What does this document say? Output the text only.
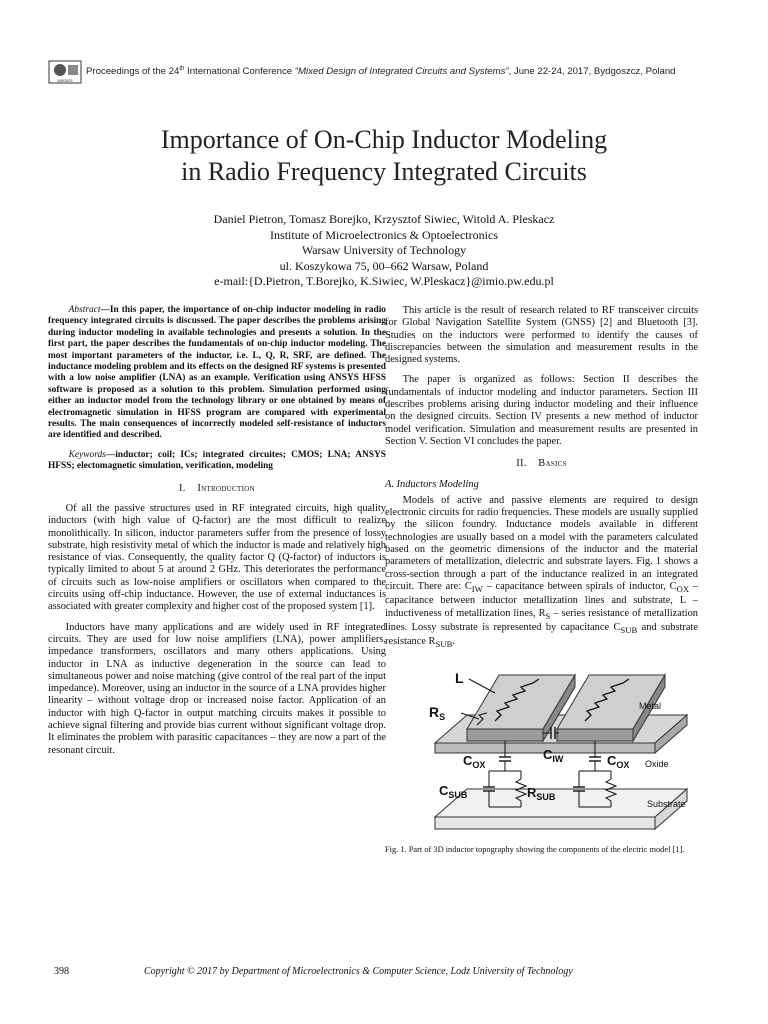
MIXDES
Proceedings of the 24th International Conference “Mixed Design of Integrated Circuits and Systems”, June 22-24, 2017, Bydgoszcz, Poland
Importance of On-Chip Inductor Modeling
in Radio Frequency Integrated Circuits
Daniel Pietron, Tomasz Borejko, Krzysztof Siwiec, Witold A. Pleskacz
Institute of Microelectronics & Optoelectronics
Warsaw University of Technology
ul. Koszykowa 75, 00–662 Warsaw, Poland
e-mail:{D.Pietron, T.Borejko, K.Siwiec, W.Pleskacz}@imio.pw.edu.pl

Abstract—In this paper, the importance of on-chip inductor modeling in radio frequency integrated circuits is discussed. The paper describes the problems arising during inductor modeling in available technologies and presents a solution. In the first part, the paper describes the fundamentals of on-chip inductor modeling. The most important parameters of the inductor, i.e. L, Q, R, SRF, are defined. The inductance modeling problem and its effects on the designed RF systems is presented with a low noise amplifier (LNA) as an example. Verification using ANSYS HFSS software is proposed as a solution to this problem. Simulation performed using either an inductor model from the technology library or one obtained by means of electromagnetic simulation in HFSS program are compared with experimental results. The main consequences of incorrectly modeled self-resistance of inductors are identified and described.

Keywords—inductor; coil; ICs; integrated circuites; CMOS; LNA; ANSYS HFSS; electomagnetic simulation, verification, modeling

I. Introduction

Of all the passive structures used in RF integrated circuits, high quality inductors (with high value of Q-factor) are the most difficult to realize monolithically. In silicon, inductor parameters suffer from the presence of lossy substrate, high resistivity metal of which the inductor is made and relatively high resistance of vias. Consequently, the quality factor Q (Q-factor) of inductors is typically limited to about 5 at around 2 GHz. This deteriorates the performance of circuits such as low-noise amplifiers or oscillators when compared to the circuits using off-chip inductance. However, the use of external inductances is associated with greater complexity and higher cost of the proposed system [1].

Inductors have many applications and are widely used in RF integrated circuits. They are used for low noise amplifiers (LNA), power amplifiers, impedance transformers, oscillators and many others applications. Using inductor in LNA as inductive degeneration in the source can lead to simultaneous power and noise matching (give control of the real part of the input impedance). Moreover, using an inductor in the source of a LNA provides higher linearity – without voltage drop or increased noise factor. Application of an inductor with high Q-factor in output matching circuits makes it possible to achieve signal filtering and provide bias current without significant voltage drop. It eliminates the problem with parasitic capacitances – they are now a part of the resonant circuit.

This article is the result of research related to RF transceiver circuits for Global Navigation Satellite System (GNSS) [2] and Bluetooth [3]. Studies on the inductors were performed to identify the causes of discrepancies between the simulation and measurement results in the designed systems.

The paper is organized as follows: Section II describes the fundamentals of inductor modeling and inductor parameters. Section III describes problems arising during inductor modeling and their influence on the designed circuits. Section IV presents a new method of inductor model verification. Simulation and measurement results are presented in Section V. Section VI concludes the paper.

II. Basics
A. Inductors Modeling

Models of active and passive elements are required to design electronic circuits for radio frequencies. These models are usually supplied by the silicon foundry. Inductance models available in different technologies are usually based on a model with the parameters calculated based on the geometric dimensions of the inductor and the material parameters of metallization, dielectric and substrate layers. Fig. 1 shows a cross-section through a part of the inductance realized in an integrated circuit. There are: $C_{IW}$ – capacitance between spirals of inductor, $C_{OX}$ – capacitance between inductor metallization lines and substrate, L – inductiveness of metallization lines, $R_S$ – series resistance of metallization lines. Lossy substrate is represented by capacitance $C_{SUB}$ and substrate resistance $R_{SUB}$.

L
$R_S$
Metal
Oxide
Substrate
$C_{OX}$
$C_{IW}$	$C_{OX}$
$C_{SUB}$	$R_{SUB}$
Fig. 1. Part of 3D inductor topography showing the components of the electric model [1].
398	Copyright © 2017 by Department of Microelectronics & Computer Science, Lodz University of Technology
